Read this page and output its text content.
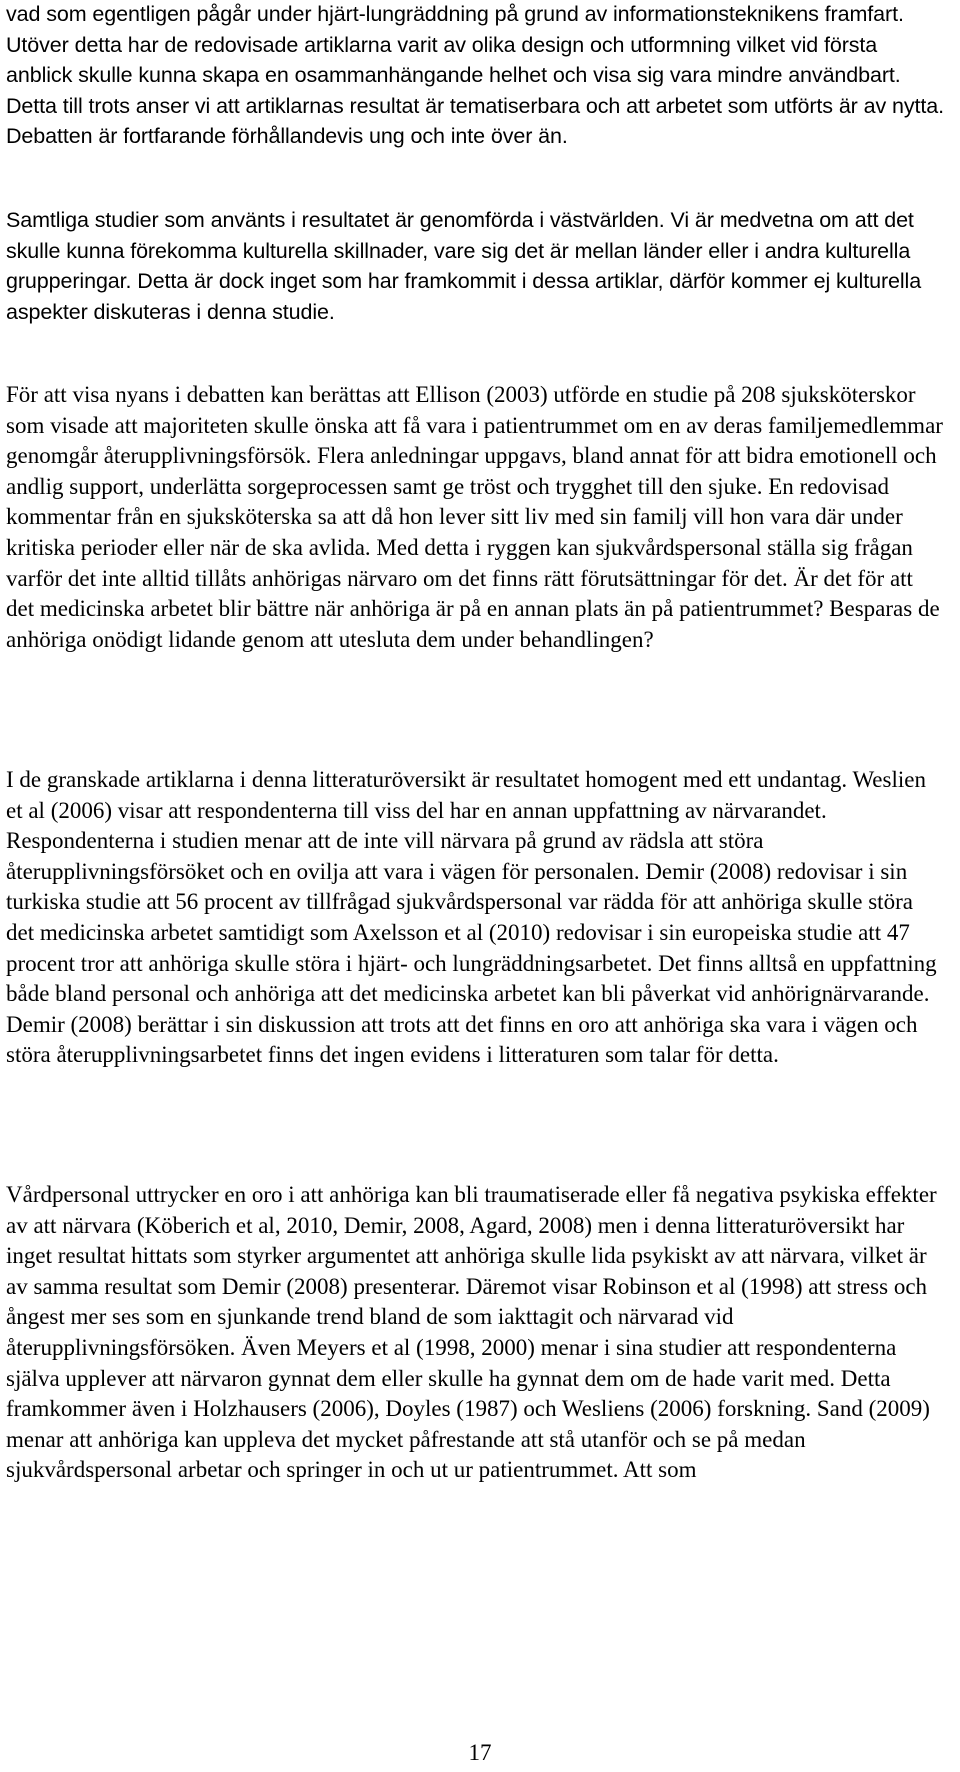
vad som egentligen pågår under hjärt-lungräddning på grund av informationsteknikens framfart. Utöver detta har de redovisade artiklarna varit av olika design och utformning vilket vid första anblick skulle kunna skapa en osammanhängande helhet och visa sig vara mindre användbart. Detta till trots anser vi att artiklarnas resultat är tematiserbara och att arbetet som utförts är av nytta. Debatten är fortfarande förhållandevis ung och inte över än.

Samtliga studier som använts i resultatet är genomförda i västvärlden. Vi är medvetna om att det skulle kunna förekomma kulturella skillnader, vare sig det är mellan länder eller i andra kulturella grupperingar. Detta är dock inget som har framkommit i dessa artiklar, därför kommer ej kulturella aspekter diskuteras i denna studie.

För att visa nyans i debatten kan berättas att Ellison (2003) utförde en studie på 208 sjuksköterskor som visade att majoriteten skulle önska att få vara i patientrummet om en av deras familjemedlemmar genomgår återupplivningsförsök. Flera anledningar uppgavs, bland annat för att bidra emotionell och andlig support, underlätta sorgeprocessen samt ge tröst och trygghet till den sjuke. En redovisad kommentar från en sjuksköterska sa att då hon lever sitt liv med sin familj vill hon vara där under kritiska perioder eller när de ska avlida. Med detta i ryggen kan sjukvårdspersonal ställa sig frågan varför det inte alltid tillåts anhörigas närvaro om det finns rätt förutsättningar för det. Är det för att det medicinska arbetet blir bättre när anhöriga är på en annan plats än på patientrummet? Besparas de anhöriga onödigt lidande genom att utesluta dem under behandlingen?

I de granskade artiklarna i denna litteraturöversikt är resultatet homogent med ett undantag. Weslien et al (2006) visar att respondenterna till viss del har en annan uppfattning av närvarandet. Respondenterna i studien menar att de inte vill närvara på grund av rädsla att störa återupplivningsförsöket och en ovilja att vara i vägen för personalen. Demir (2008) redovisar i sin turkiska studie att 56 procent av tillfrågad sjukvårdspersonal var rädda för att anhöriga skulle störa det medicinska arbetet samtidigt som Axelsson et al (2010) redovisar i sin europeiska studie att 47 procent tror att anhöriga skulle störa i hjärt- och lungräddningsarbetet. Det finns alltså en uppfattning både bland personal och anhöriga att det medicinska arbetet kan bli påverkat vid anhörignärvarande. Demir (2008) berättar i sin diskussion att trots att det finns en oro att anhöriga ska vara i vägen och störa återupplivningsarbetet finns det ingen evidens i litteraturen som talar för detta.

Vårdpersonal uttrycker en oro i att anhöriga kan bli traumatiserade eller få negativa psykiska effekter av att närvara (Köberich et al, 2010, Demir, 2008, Agard, 2008) men i denna litteraturöversikt har inget resultat hittats som styrker argumentet att anhöriga skulle lida psykiskt av att närvara, vilket är av samma resultat som Demir (2008) presenterar. Däremot visar Robinson et al (1998) att stress och ångest mer ses som en sjunkande trend bland de som iakttagit och närvarad vid återupplivningsförsöken. Även Meyers et al (1998, 2000) menar i sina studier att respondenterna själva upplever att närvaron gynnat dem eller skulle ha gynnat dem om de hade varit med. Detta framkommer även i Holzhausers (2006), Doyles (1987) och Wesliens (2006) forskning. Sand (2009) menar att anhöriga kan uppleva det mycket påfrestande att stå utanför och se på medan sjukvårdspersonal arbetar och springer in och ut ur patientrummet. Att som

17
